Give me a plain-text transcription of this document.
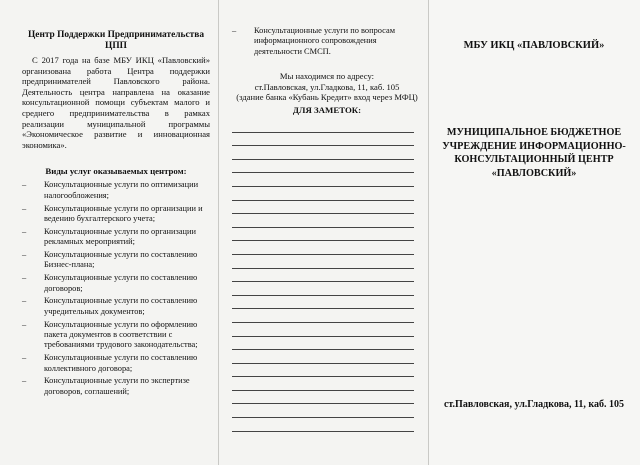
Центр Поддержки Предпринимательства
ЦПП
С 2017 года на базе МБУ ИКЦ «Павловский» организована работа Центра поддержки предпринимателей Павловского района. Деятельность центра направлена на оказание консультационной помощи субъектам малого и среднего предпринимательства в рамках реализации муниципальной программы «Экономическое развитие и инновационная экономика».
Виды услуг оказываемых центром:
– Консультационные услуги по оптимизации налогообложения;
– Консультационные услуги по организации и ведению бухгалтерского учета;
– Консультационные услуги по организации рекламных мероприятий;
– Консультационные услуги по составлению Бизнес-плана;
– Консультационные услуги по составлению договоров;
– Консультационные услуги по составлению учредительных документов;
– Консультационные услуги по оформлению пакета документов в соответствии с требованиями трудового законодательства;
– Консультационные услуги по составлению коллективного договора;
– Консультационные услуги по экспертизе договоров, соглашений;
– Консультационные услуги по вопросам информационного сопровождения деятельности СМСП.
Мы находимся по адресу:
ст.Павловская, ул.Гладкова, 11, каб. 105
(здание банка «Кубань Кредит» вход через МФЦ)
ДЛЯ ЗАМЕТОК:
МБУ ИКЦ «ПАВЛОВСКИЙ»
МУНИЦИПАЛЬНОЕ БЮДЖЕТНОЕ УЧРЕЖДЕНИЕ ИНФОРМАЦИОННО-КОНСУЛЬТАЦИОННЫЙ ЦЕНТР «ПАВЛОВСКИЙ»
ст.Павловская, ул.Гладкова, 11, каб. 105
